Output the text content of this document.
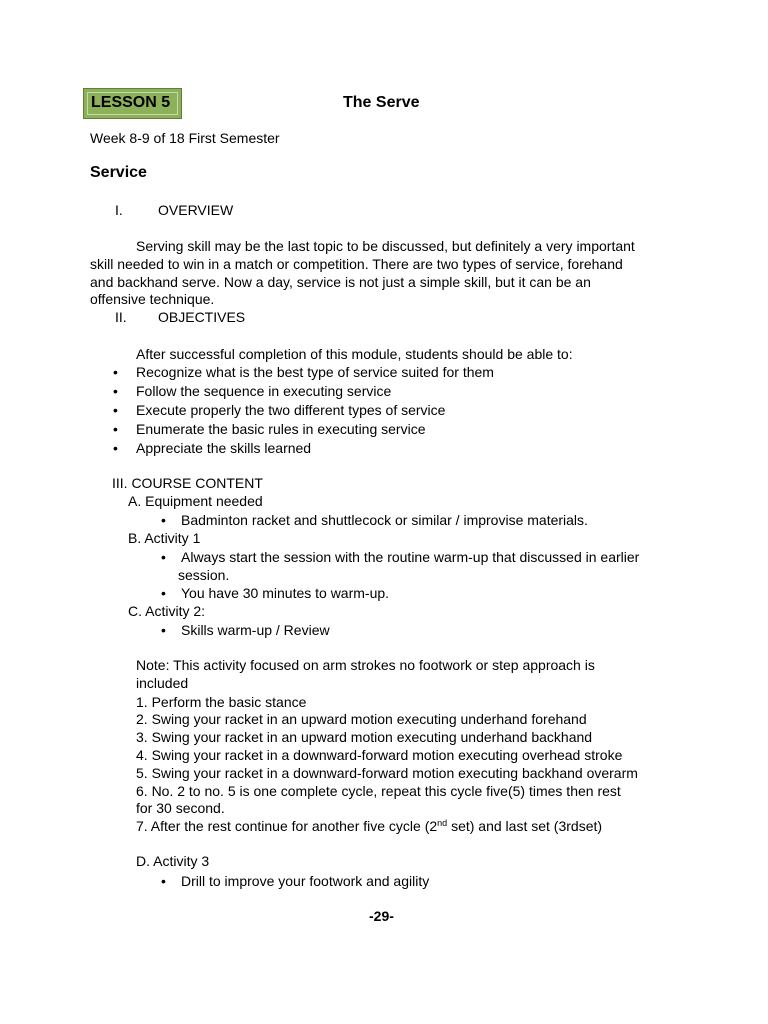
LESSON 5	The Serve
Week 8-9 of 18 First Semester
Service
I.	OVERVIEW
Serving skill may be the last topic to be discussed, but definitely a very important
skill needed to win in a match or competition. There are two types of service, forehand
and backhand serve. Now a day, service is not just a simple skill, but it can be an
offensive technique.
II. OBJECTIVES
After successful completion of this module, students should be able to:
• Recognize what is the best type of service suited for them
• Follow the sequence in executing service
• Execute properly the two different types of service
• Enumerate the basic rules in executing service
• Appreciate the skills learned
III. COURSE CONTENT
A. Equipment needed
• Badminton racket and shuttlecock or similar / improvise materials.
B. Activity 1
• Always start the session with the routine warm-up that discussed in earlier
session.
• You have 30 minutes to warm-up.
C. Activity 2:
• Skills warm-up / Review
Note: This activity focused on arm strokes no footwork or step approach is
included
1. Perform the basic stance
2. Swing your racket in an upward motion executing underhand forehand
3. Swing your racket in an upward motion executing underhand backhand
4. Swing your racket in a downward-forward motion executing overhead stroke
5. Swing your racket in a downward-forward motion executing backhand overarm
6. No. 2 to no. 5 is one complete cycle, repeat this cycle five(5) times then rest
for 30 second.
7. After the rest continue for another five cycle (2nd set) and last set (3rdset)
D. Activity 3
• Drill to improve your footwork and agility
-29-
